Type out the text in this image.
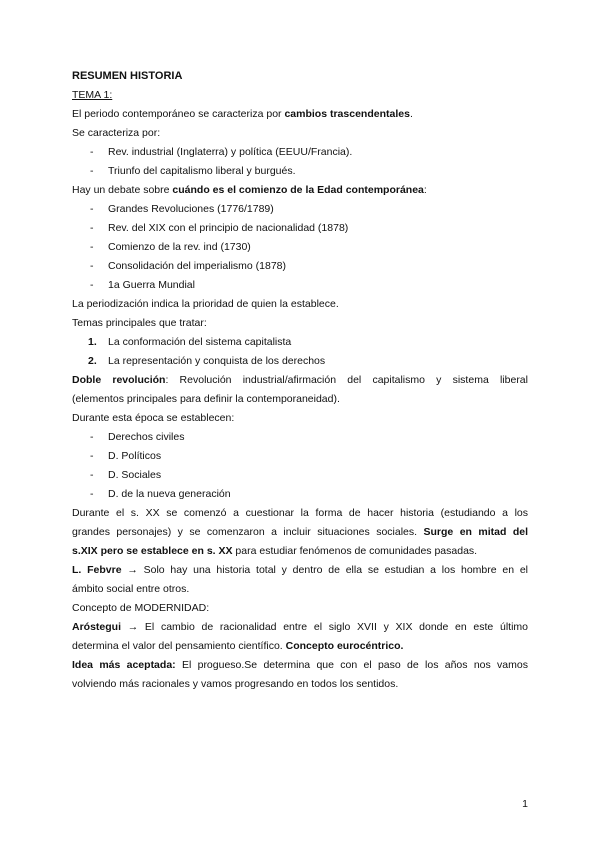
RESUMEN HISTORIA
TEMA 1:
El periodo contemporáneo se caracteriza por cambios trascendentales.
Se caracteriza por:
- Rev. industrial (Inglaterra) y política (EEUU/Francia).
- Triunfo del capitalismo liberal y burgués.
Hay un debate sobre cuándo es el comienzo de la Edad contemporánea:
- Grandes Revoluciones (1776/1789)
- Rev. del XIX con el principio de nacionalidad (1878)
- Comienzo de la rev. ind (1730)
- Consolidación del imperialismo (1878)
- 1a Guerra Mundial
La periodización indica la prioridad de quien la establece.
Temas principales que tratar:
1. La conformación del sistema capitalista
2. La representación y conquista de los derechos
Doble revolución: Revolución industrial/afirmación del capitalismo y sistema liberal
(elementos principales para definir la contemporaneidad).
Durante esta época se establecen:
- Derechos civiles
- D. Políticos
- D. Sociales
- D. de la nueva generación
Durante el s. XX se comenzó a cuestionar la forma de hacer historia (estudiando a los
grandes personajes) y se comenzaron a incluir situaciones sociales. Surge en mitad del
s.XIX pero se establece en s. XX para estudiar fenómenos de comunidades pasadas.
L. Febvre → Solo hay una historia total y dentro de ella se estudian a los hombre en el
ámbito social entre otros.
Concepto de MODERNIDAD:
Aróstegui → El cambio de racionalidad entre el siglo XVII y XIX donde en este último
determina el valor del pensamiento científico. Concepto eurocéntrico.
Idea más aceptada: El progueso.Se determina que con el paso de los años nos vamos
volviendo más racionales y vamos progresando en todos los sentidos.
1
